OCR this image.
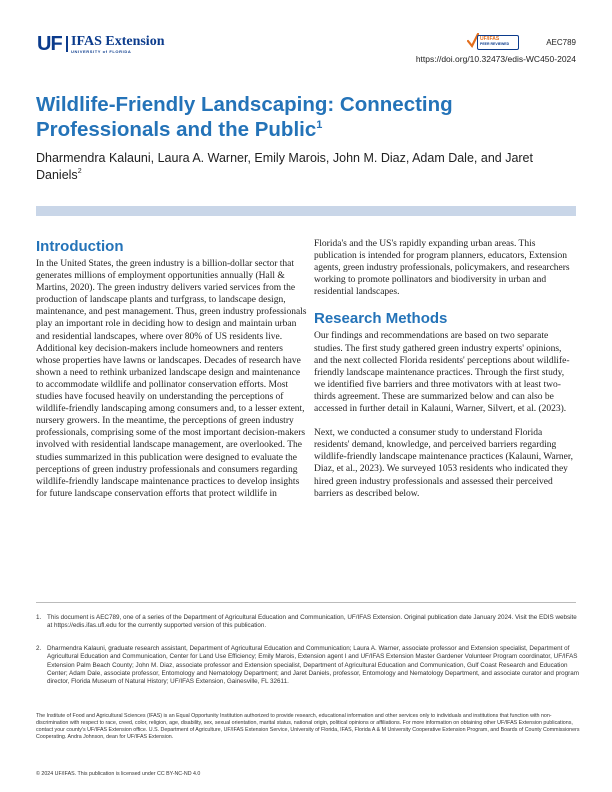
UF IFAS Extension
UNIVERSITY of FLORIDA
UF/IFAS
PEER REVIEWED	AEC789
https://doi.org/10.32473/edis-WC450-2024
Wildlife-Friendly Landscaping: Connecting Professionals and the Public$^1$
Dharmendra Kalauni, Laura A. Warner, Emily Marois, John M. Diaz, Adam Dale, and Jaret Daniels$^2$
Introduction

In the United States, the green industry is a billion-dollar sector that generates millions of employment opportunities annually (Hall & Martins, 2020). The green industry delivers varied services from the production of landscape plants and turfgrass, to landscape design, maintenance, and pest management. Thus, green industry professionals play an important role in deciding how to design and maintain urban and residential landscapes, where over 80% of US residents live. Additional key decision-makers include homeowners and renters whose properties have lawns or landscapes. Decades of research have shown a need to rethink urbanized landscape design and maintenance to accommodate wildlife and pollinator conservation efforts. Most studies have focused heavily on understanding the perceptions of wildlife-friendly landscaping among consumers and, to a lesser extent, nursery growers. In the meantime, the perceptions of green industry professionals, comprising some of the most important decision-makers involved with residential landscape management, are overlooked. The studies summarized in this publication were designed to evaluate the perceptions of green industry professionals and consumers regarding wildlife-friendly landscape maintenance practices to develop insights for future landscape conservation efforts that protect wildlife in

Florida's and the US's rapidly expanding urban areas. This publication is intended for program planners, educators, Extension agents, green industry professionals, policymakers, and researchers working to promote pollinators and biodiversity in urban and residential landscapes.

Research Methods

Our findings and recommendations are based on two separate studies. The first study gathered green industry experts' opinions, and the next collected Florida residents' perceptions about wildlife-friendly landscape maintenance practices. Through the first study, we identified five barriers and three motivators with at least two-thirds agreement. These are summarized below and can also be accessed in further detail in Kalauni, Warner, Silvert, et al. (2023).

Next, we conducted a consumer study to understand Florida residents' demand, knowledge, and perceived barriers regarding wildlife-friendly landscape maintenance practices (Kalauni, Warner, Diaz, et al., 2023). We surveyed 1053 residents who indicated they hired green industry professionals and assessed their perceived barriers as described below.

1. This document is AEC789, one of a series of the Department of Agricultural Education and Communication, UF/IFAS Extension. Original publication date January 2024. Visit the EDIS website at https://edis.ifas.ufl.edu for the currently supported version of this publication.
2. Dharmendra Kalauni, graduate research assistant, Department of Agricultural Education and Communication; Laura A. Warner, associate professor and Extension specialist, Department of Agricultural Education and Communication, Center for Land Use Efficiency; Emily Marois, Extension agent I and UF/IFAS Extension Master Gardener Volunteer Program coordinator, UF/IFAS Extension Palm Beach County; John M. Diaz, associate professor and Extension specialist, Department of Agricultural Education and Communication, Gulf Coast Research and Education Center; Adam Dale, associate professor, Entomology and Nematology Department; and Jaret Daniels, professor, Entomology and Nematology Department, and associate curator and program director, Florida Museum of Natural History; UF/IFAS Extension, Gainesville, FL 32611.
The Institute of Food and Agricultural Sciences (IFAS) is an Equal Opportunity Institution authorized to provide research, educational information and other services only to individuals and institutions that function with non-discrimination with respect to race, creed, color, religion, age, disability, sex, sexual orientation, marital status, national origin, political opinions or affiliations. For more information on obtaining other UF/IFAS Extension publications, contact your county's UF/IFAS Extension office. U.S. Department of Agriculture, UF/IFAS Extension Service, University of Florida, IFAS, Florida A & M University Cooperative Extension Program, and Boards of County Commissioners Cooperating. Andra Johnson, dean for UF/IFAS Extension.
© 2024 UF/IFAS. This publication is licensed under CC BY-NC-ND 4.0
